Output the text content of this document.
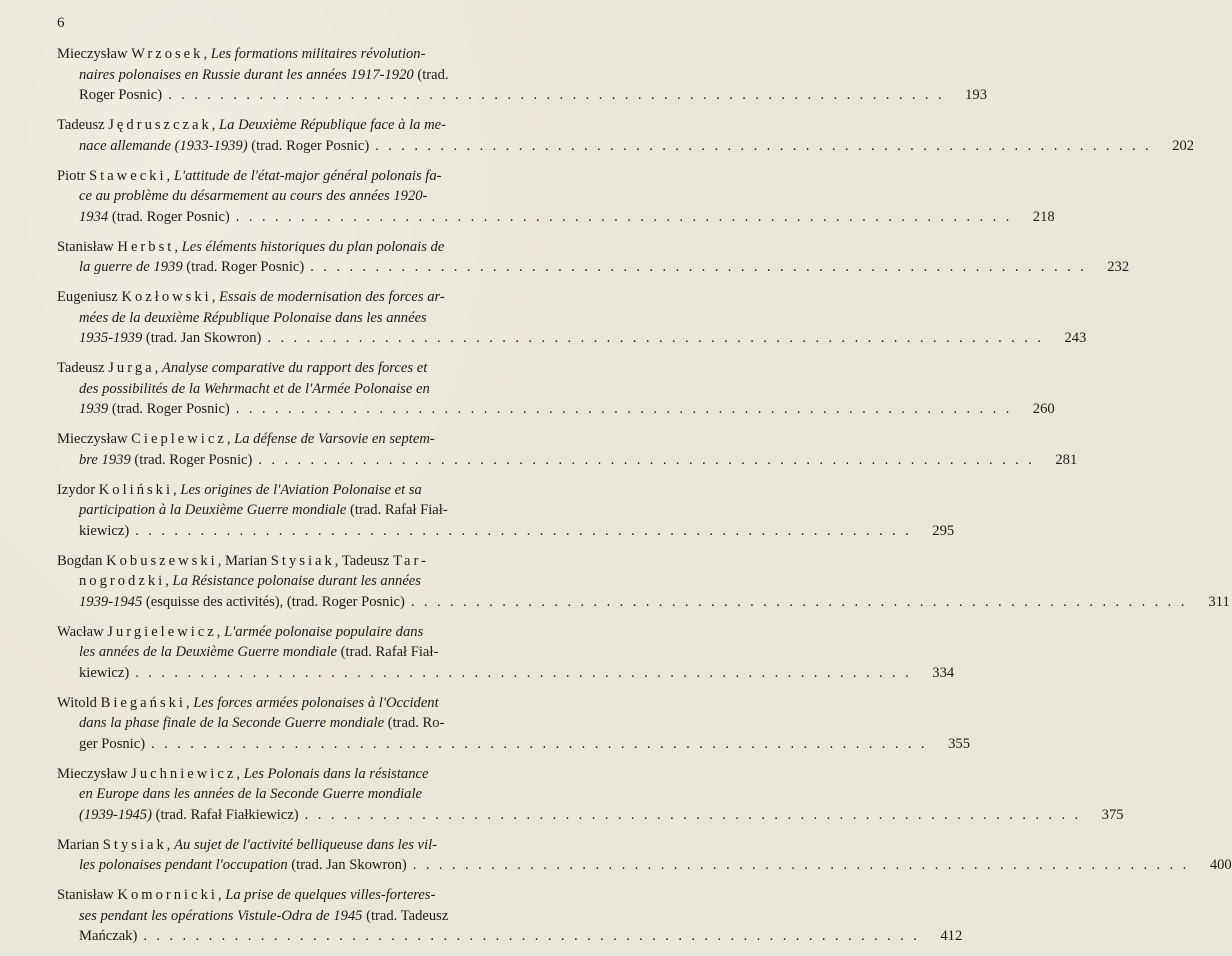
6
Mieczysław Wrzosek, Les formations militaires révolution-
naires polonaises en Russie durant les années 1917-1920 (trad.
Roger Posnic) ............................................................ 193
Tadeusz Jędruszczak, La Deuxième République face à la me-
nace allemande (1933-1939) (trad. Roger Posnic) ............................................................ 202
Piotr Stawecki, L'attitude de l'état-major général polonais fa-
ce au problème du désarmement au cours des années 1920-
1934 (trad. Roger Posnic) ............................................................ 218
Stanisław Herbst, Les éléments historiques du plan polonais de
la guerre de 1939 (trad. Roger Posnic) ............................................................ 232
Eugeniusz Kozłowski, Essais de modernisation des forces ar-
mées de la deuxième République Polonaise dans les années
1935-1939 (trad. Jan Skowron) ............................................................ 243
Tadeusz Jurga, Analyse comparative du rapport des forces et
des possibilités de la Wehrmacht et de l'Armée Polonaise en
1939 (trad. Roger Posnic) ............................................................ 260
Mieczysław Cieplewicz, La défense de Varsovie en septem-
bre 1939 (trad. Roger Posnic) ............................................................ 281
Izydor Koliński, Les origines de l'Aviation Polonaise et sa
participation à la Deuxième Guerre mondiale (trad. Rafał Fiał-
kiewicz) ............................................................ 295
Bogdan Kobuszewski, Marian Stysiak, Tadeusz Tar-
nogrodzki, La Résistance polonaise durant les années
1939-1945 (esquisse des activités), (trad. Roger Posnic) ............................................................	311
Wacław Jurgielewicz, L'armée polonaise populaire dans
les années de la Deuxième Guerre mondiale (trad. Rafał Fiał-
kiewicz) ............................................................ 334
Witold Biegański, Les forces armées polonaises à l'Occident
dans la phase finale de la Seconde Guerre mondiale (trad. Ro-
ger Posnic) ............................................................ 355
Mieczysław Juchniewicz, Les Polonais dans la résistance
en Europe dans les années de la Seconde Guerre mondiale
(1939-1945) (trad. Rafał Fiałkiewicz) ............................................................ 375
Marian Stysiak, Au sujet de l'activité belliqueuse dans les vil-
les polonaises pendant l'occupation (trad. Jan Skowron) ............................................................ 400
Stanisław Komornicki, La prise de quelques villes-forteres-
ses pendant les opérations Vistule-Odra de 1945 (trad. Tadeusz
Mańczak) ............................................................ 412
